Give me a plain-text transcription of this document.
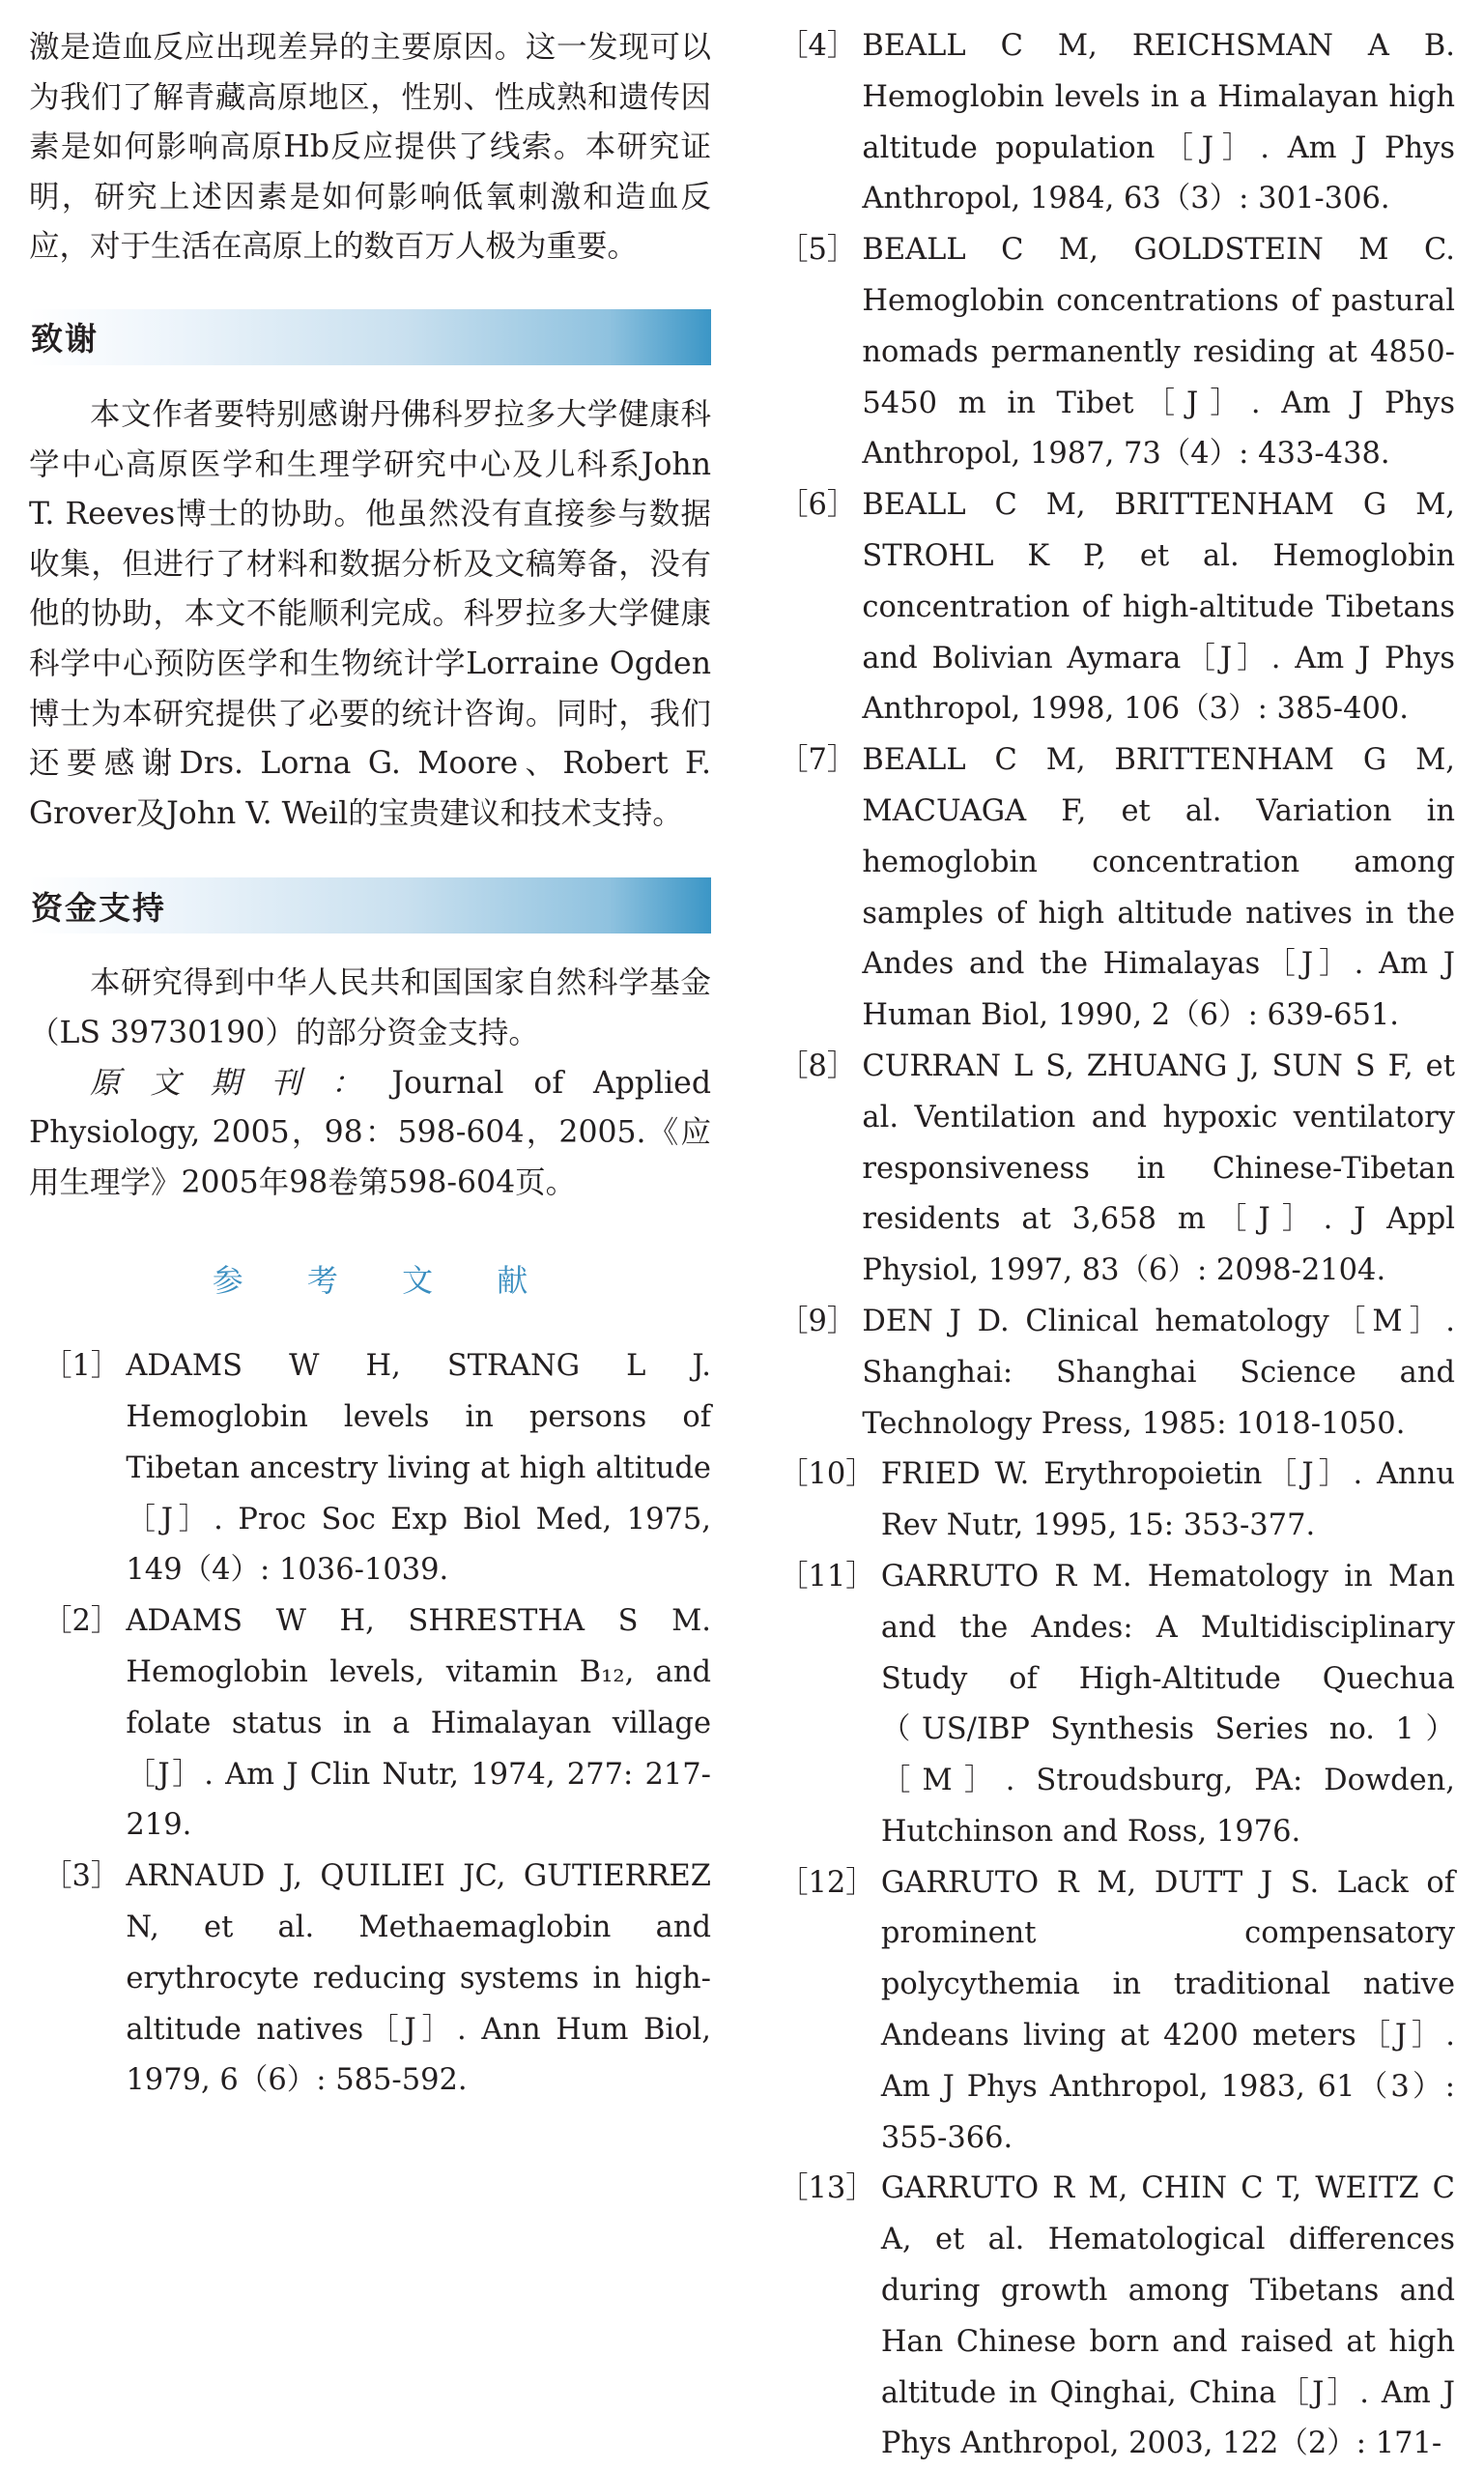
激是造血反应出现差异的主要原因。这一发现可以为我们了解青藏高原地区，性别、性成熟和遗传因素是如何影响高原Hb反应提供了线索。本研究证明，研究上述因素是如何影响低氧刺激和造血反应，对于生活在高原上的数百万人极为重要。

致谢

本文作者要特别感谢丹佛科罗拉多大学健康科学中心高原医学和生理学研究中心及儿科系John T. Reeves博士的协助。他虽然没有直接参与数据收集，但进行了材料和数据分析及文稿筹备，没有他的协助，本文不能顺利完成。科罗拉多大学健康科学中心预防医学和生物统计学Lorraine Ogden博士为本研究提供了必要的统计咨询。同时，我们还要感谢Drs. Lorna G. Moore、Robert F. Grover及John V. Weil的宝贵建议和技术支持。

资金支持

本研究得到中华人民共和国国家自然科学基金（LS 39730190）的部分资金支持。

原文期刊：Journal of Applied Physiology, 2005，98：598-604，2005.《应用生理学》2005年98卷第598-604页。

参 考 文 献

［1］ ADAMS W H, STRANG L J. Hemoglobin levels in persons of Tibetan ancestry living at high altitude［J］. Proc Soc Exp Biol Med, 1975, 149（4）: 1036-1039.
［2］ ADAMS W H, SHRESTHA S M. Hemoglobin levels, vitamin B₁₂, and folate status in a Himalayan village［J］. Am J Clin Nutr, 1974, 277: 217-219.
［3］ ARNAUD J, QUILIEI JC, GUTIERREZ N, et al. Methaemaglobin and erythrocyte reducing systems in high-altitude natives［J］. Ann Hum Biol, 1979, 6（6）: 585-592.
［4］ BEALL C M, REICHSMAN A B. Hemoglobin levels in a Himalayan high altitude population［J］. Am J Phys Anthropol, 1984, 63（3）: 301-306.
［5］ BEALL C M, GOLDSTEIN M C. Hemoglobin concentrations of pastural nomads permanently residing at 4850-5450 m in Tibet［J］. Am J Phys Anthropol, 1987, 73（4）: 433-438.
［6］ BEALL C M, BRITTENHAM G M, STROHL K P, et al. Hemoglobin concentration of high-altitude Tibetans and Bolivian Aymara［J］. Am J Phys Anthropol, 1998, 106（3）: 385-400.
［7］ BEALL C M, BRITTENHAM G M, MACUAGA F, et al. Variation in hemoglobin concentration among samples of high altitude natives in the Andes and the Himalayas［J］. Am J Human Biol, 1990, 2（6）: 639-651.
［8］ CURRAN L S, ZHUANG J, SUN S F, et al. Ventilation and hypoxic ventilatory responsiveness in Chinese-Tibetan residents at 3,658 m［J］. J Appl Physiol, 1997, 83（6）: 2098-2104.
［9］ DEN J D. Clinical hematology［M］. Shanghai: Shanghai Science and Technology Press, 1985: 1018-1050.
［10］ FRIED W. Erythropoietin［J］. Annu Rev Nutr, 1995, 15: 353-377.
［11］ GARRUTO R M. Hematology in Man and the Andes: A Multidisciplinary Study of High-Altitude Quechua（US/IBP Synthesis Series no. 1）［M］. Stroudsburg, PA: Dowden, Hutchinson and Ross, 1976.
［12］ GARRUTO R M, DUTT J S. Lack of prominent compensatory polycythemia in traditional native Andeans living at 4200 meters［J］. Am J Phys Anthropol, 1983, 61（3）: 355-366.
［13］ GARRUTO R M, CHIN C T, WEITZ C A, et al. Hematological differences during growth among Tibetans and Han Chinese born and raised at high altitude in Qinghai, China［J］. Am J Phys Anthropol, 2003, 122（2）: 171-
